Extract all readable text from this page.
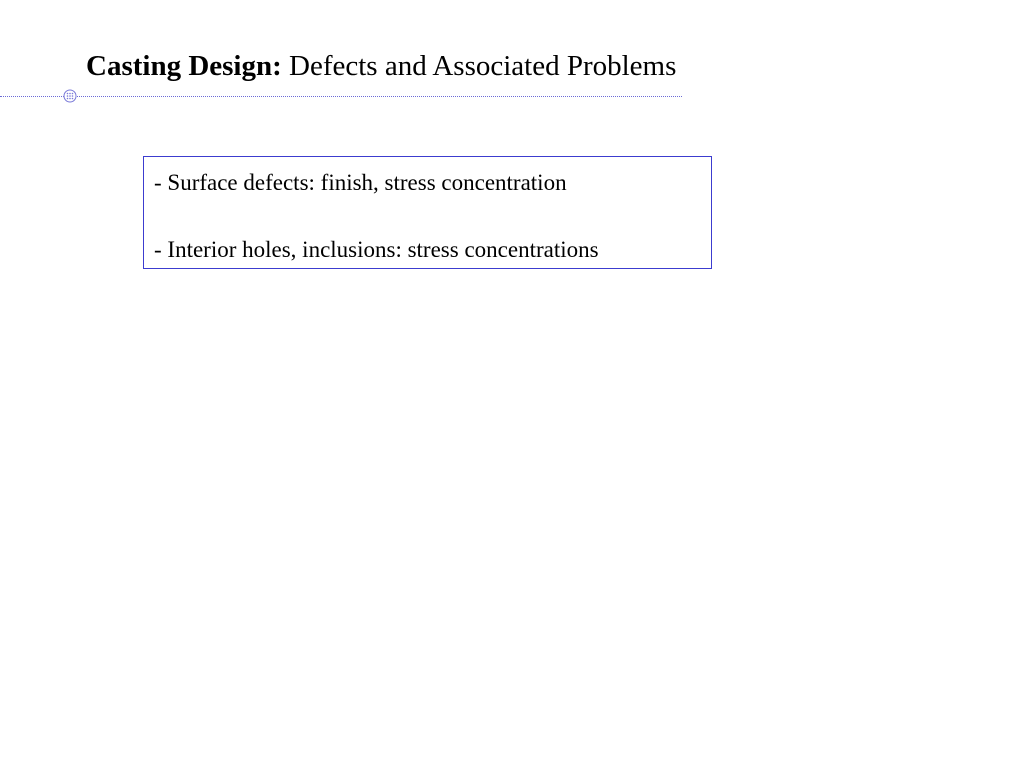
Casting Design: Defects and Associated Problems

- Surface defects: finish, stress concentration

- Interior holes, inclusions: stress concentrations
